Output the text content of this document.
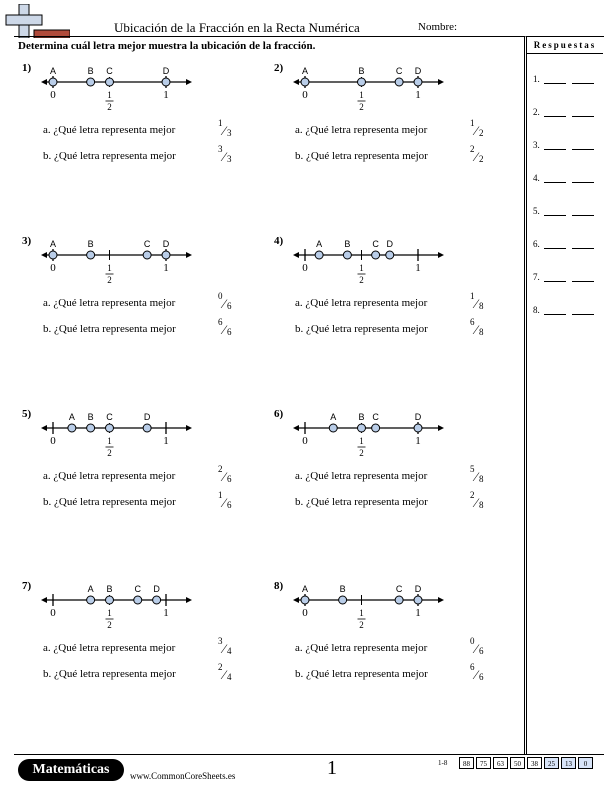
Ubicación de la Fracción en la Recta Numérica	Nombre:
Determina cuál letra mejor muestra la ubicación de la fracción.	Respuestas
1.
2.
3.
4.
5.
6.
7.
8.
1)
0	1
1
2
A	B C	D
a. ¿Qué letra representa mejor
1 ⁄ 3
b. ¿Qué letra representa mejor
3 ⁄ 3
2)
0	1
1
2
A	B	C D
a. ¿Qué letra representa mejor
1 ⁄ 2
b. ¿Qué letra representa mejor
2 ⁄ 2
3)
0	1
1
2
A	B	C D
a. ¿Qué letra representa mejor
0 ⁄ 6
b. ¿Qué letra representa mejor
6 ⁄ 6
4)
0	1
1
2
A B C D
a. ¿Qué letra representa mejor
1 ⁄ 8
b. ¿Qué letra representa mejor
6 ⁄ 8
5)
0	1
1
2
A B C	D
a. ¿Qué letra representa mejor
2 ⁄ 6
b. ¿Qué letra representa mejor
1 ⁄ 6
6)
0	1
1
2
A B C	D
a. ¿Qué letra representa mejor
5 ⁄ 8
b. ¿Qué letra representa mejor
2 ⁄ 8
7)
0	1
1
2
A B C D
a. ¿Qué letra representa mejor
3 ⁄ 4
b. ¿Qué letra representa mejor
2 ⁄ 4
8)
0	1
1
2
A	B	C D
a. ¿Qué letra representa mejor
0 ⁄ 6
b. ¿Qué letra representa mejor
6 ⁄ 6
Matemáticas	www.CommonCoreSheets.es	1	1-8	88	75	63	50	38	25	13	0
